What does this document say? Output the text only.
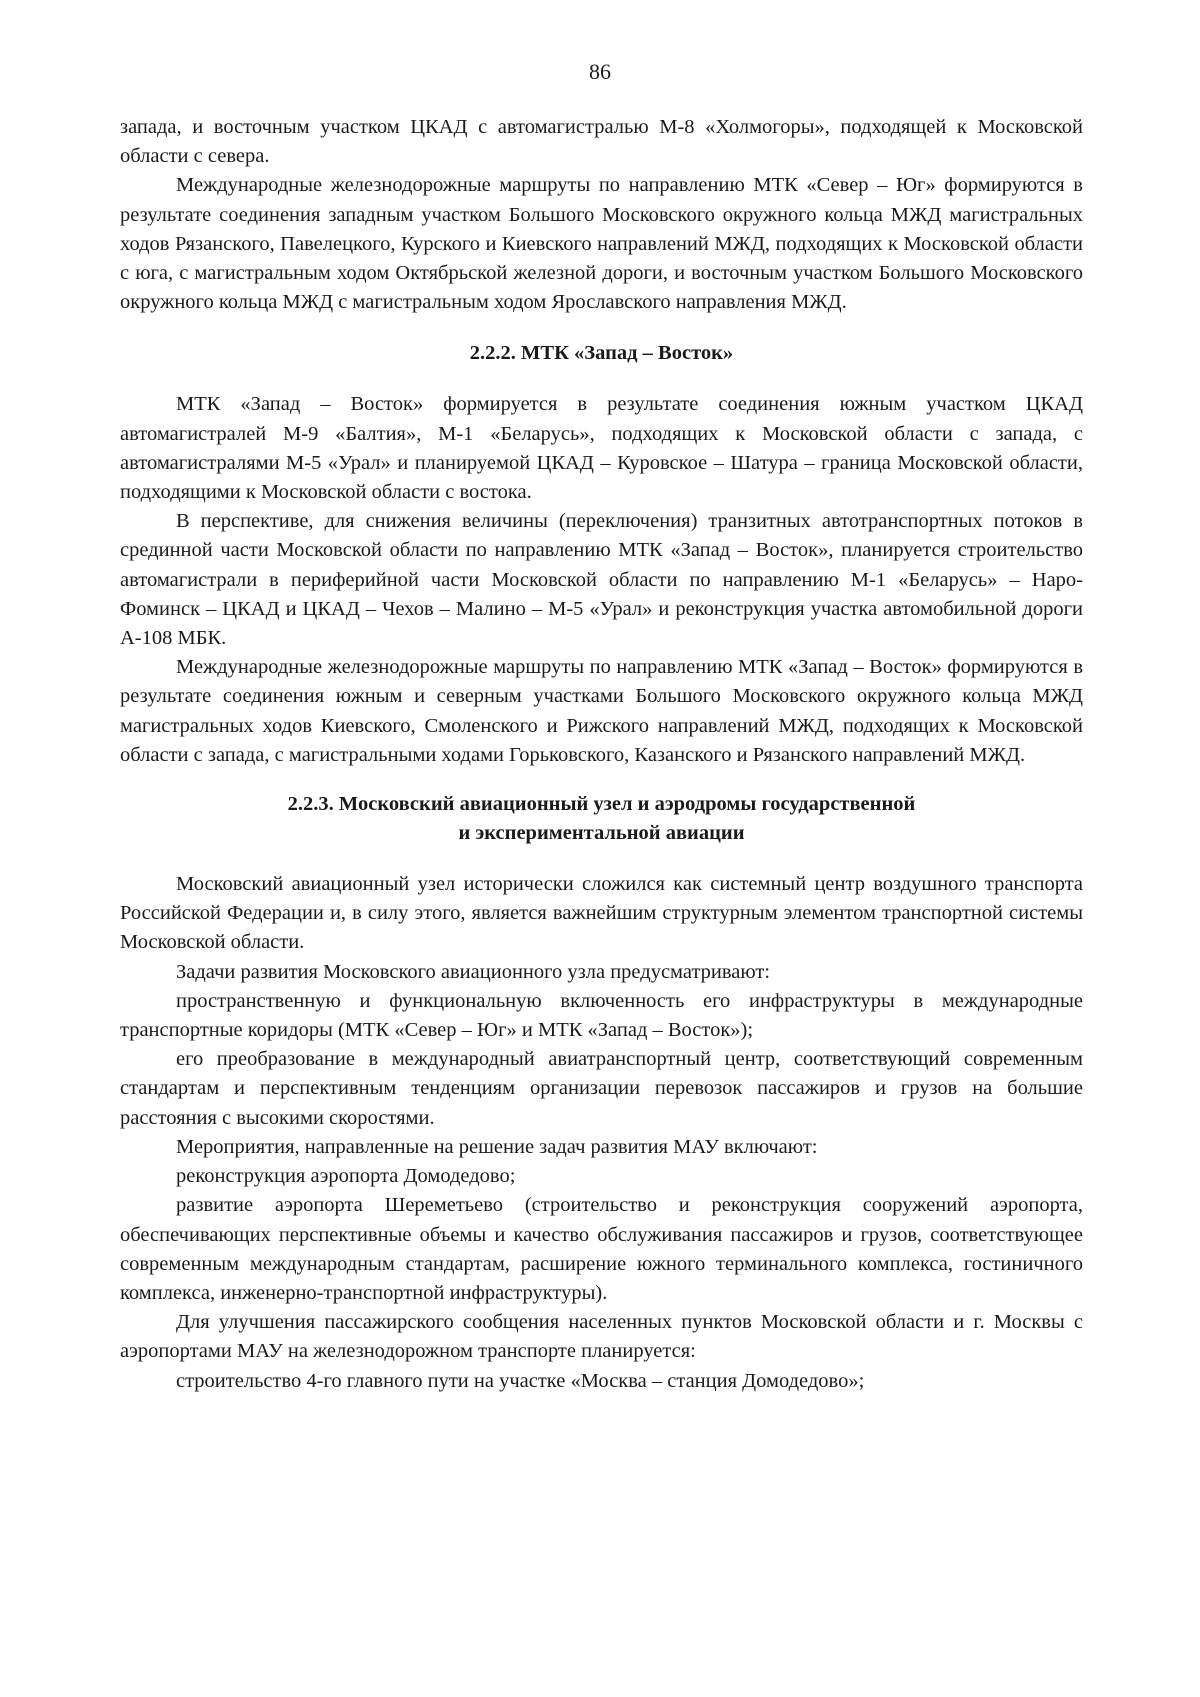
86

запада, и восточным участком ЦКАД с автомагистралью М-8 «Холмогоры», подходящей к Московской области с севера.

Международные железнодорожные маршруты по направлению МТК «Север – Юг» формируются в результате соединения западным участком Большого Московского окружного кольца МЖД магистральных ходов Рязанского, Павелецкого, Курского и Киевского направлений МЖД, подходящих к Московской области с юга, с магистральным ходом Октябрьской железной дороги, и восточным участком Большого Московского окружного кольца МЖД с магистральным ходом Ярославского направления МЖД.

2.2.2. МТК «Запад – Восток»

МТК «Запад – Восток» формируется в результате соединения южным участком ЦКАД автомагистралей М-9 «Балтия», М-1 «Беларусь», подходящих к Московской области с запада, с автомагистралями М-5 «Урал» и планируемой ЦКАД – Куровское – Шатура – граница Московской области, подходящими к Московской области с востока.

В перспективе, для снижения величины (переключения) транзитных автотранспортных потоков в срединной части Московской области по направлению МТК «Запад – Восток», планируется строительство автомагистрали в периферийной части Московской области по направлению М-1 «Беларусь» – Наро-Фоминск – ЦКАД и ЦКАД – Чехов – Малино – М-5 «Урал» и реконструкция участка автомобильной дороги А-108 МБК.

Международные железнодорожные маршруты по направлению МТК «Запад – Восток» формируются в результате соединения южным и северным участками Большого Московского окружного кольца МЖД магистральных ходов Киевского, Смоленского и Рижского направлений МЖД, подходящих к Московской области с запада, с магистральными ходами Горьковского, Казанского и Рязанского направлений МЖД.

2.2.3. Московский авиационный узел и аэродромы государственной
и экспериментальной авиации

Московский авиационный узел исторически сложился как системный центр воздушного транспорта Российской Федерации и, в силу этого, является важнейшим структурным элементом транспортной системы Московской области.

Задачи развития Московского авиационного узла предусматривают:

пространственную и функциональную включенность его инфраструктуры в международные транспортные коридоры (МТК «Север – Юг» и МТК «Запад – Восток»);

его преобразование в международный авиатранспортный центр, соответствующий современным стандартам и перспективным тенденциям организации перевозок пассажиров и грузов на большие расстояния с высокими скоростями.

Мероприятия, направленные на решение задач развития МАУ включают:

реконструкция аэропорта Домодедово;

развитие аэропорта Шереметьево (строительство и реконструкция сооружений аэропорта, обеспечивающих перспективные объемы и качество обслуживания пассажиров и грузов, соответствующее современным международным стандартам, расширение южного терминального комплекса, гостиничного комплекса, инженерно-транспортной инфраструктуры).

Для улучшения пассажирского сообщения населенных пунктов Московской области и г. Москвы с аэропортами МАУ на железнодорожном транспорте планируется:

строительство 4-го главного пути на участке «Москва – станция Домодедово»;
